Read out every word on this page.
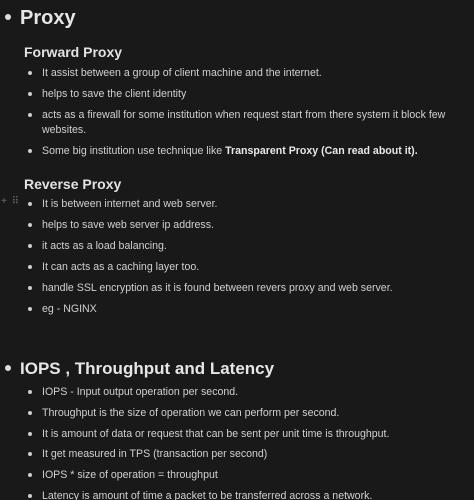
Proxy
Forward Proxy
It assist between a group of client machine and the internet.
helps to save the client identity
acts as a firewall for some institution when request start from there system it block few websites.
Some big institution use technique like Transparent Proxy (Can read about it).
Reverse Proxy
+ ⠿ It is between internet and web server.
helps to save web server ip address.
it acts as a load balancing.
It can acts as a caching layer too.
handle SSL encryption as it is found between revers proxy and web server.
eg - NGINX
IOPS , Throughput and Latency
IOPS - Input output operation per second.
Throughput is the size of operation we can perform per second.
It is amount of data or request that can be sent per unit time is throughput.
It get measured in TPS (transaction per second)
IOPS * size of operation = throughput
Latency is amount of time a packet to be transferred across a network.
